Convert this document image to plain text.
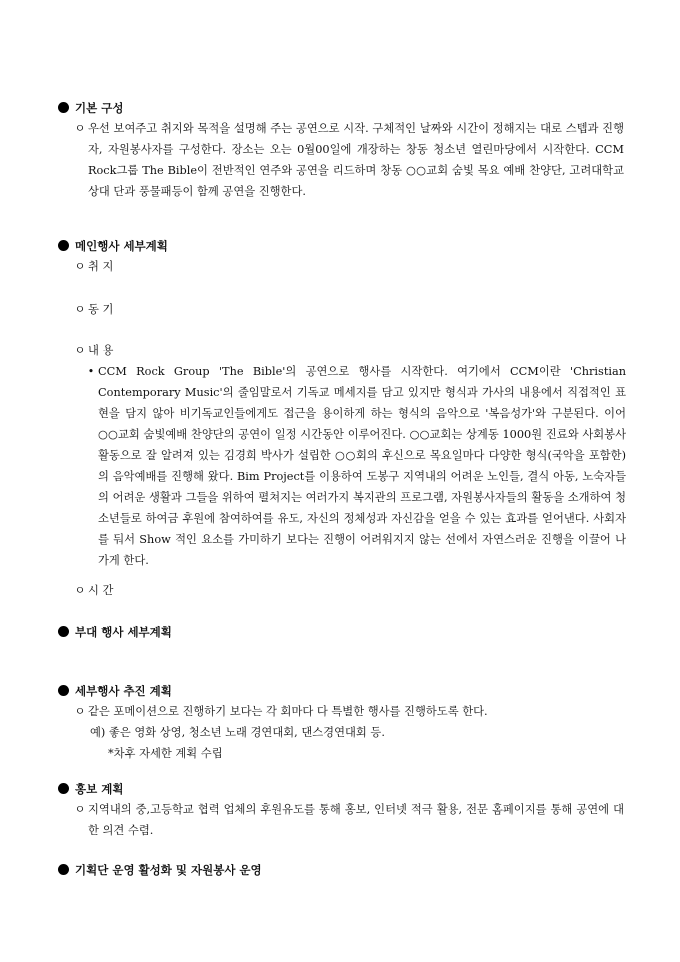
기본 구성
ㅇ 우선 보여주고 취지와 목적을 설명해 주는 공연으로 시작. 구체적인 날짜와 시간이 정해지는 대로 스텝과 진행자, 자원봉사자를 구성한다. 장소는 오는 0월00일에 개장하는 창동 청소년 열린마당에서 시작한다. CCM Rock그룹 The Bible이 전반적인 연주와 공연을 리드하며 창동 ○○교회 숨빛 목요 예배 찬양단, 고려대학교 상대 단과 풍물패등이 함께 공연을 진행한다.

메인행사 세부계획
ㅇ 취 지
ㅇ 동 기
ㅇ 내 용
• CCM Rock Group 'The Bible'의 공연으로 행사를 시작한다. 여기에서 CCM이란 'Christian Contemporary Music'의 줄임말로서 기독교 메세지를 담고 있지만 형식과 가사의 내용에서 직접적인 표현을 담지 않아 비기독교인들에게도 접근을 용이하게 하는 형식의 음악으로 '복음성가'와 구분된다. 이어 ○○교회 숨빛예배 찬양단의 공연이 일정 시간동안 이루어진다. ○○교회는 상계동 1000원 진료와 사회봉사 활동으로 잘 알려져 있는 김경희 박사가 설립한 ○○회의 후신으로 목요일마다 다양한 형식(국악을 포함한)의 음악예배를 진행해 왔다. Bim Project를 이용하여 도봉구 지역내의 어려운 노인들, 결식 아동, 노숙자들의 어려운 생활과 그들을 위하여 펼쳐지는 여러가지 복지관의 프로그램, 자원봉사자들의 활동을 소개하여 청소년들로 하여금 후원에 참여하여를 유도, 자신의 정체성과 자신감을 얻을 수 있는 효과를 얻어낸다. 사회자를 둬서 Show 적인 요소를 가미하기 보다는 진행이 어려워지지 않는 선에서 자연스러운 진행을 이끌어 나가게 한다.

ㅇ 시 간
부대 행사 세부계획
세부행사 추진 계획
ㅇ 같은 포메이션으로 진행하기 보다는 각 회마다 다 특별한 행사를 진행하도록 한다.
예) 좋은 영화 상영, 청소년 노래 경연대회, 댄스경연대회 등.
*차후 자세한 계획 수립
홍보 계획
ㅇ 지역내의 중,고등학교 협력 업체의 후원유도를 통해 홍보, 인터넷 적극 활용, 전문 홈페이지를 통해 공연에 대한 의견 수렴.

기획단 운영 활성화 및 자원봉사 운영
